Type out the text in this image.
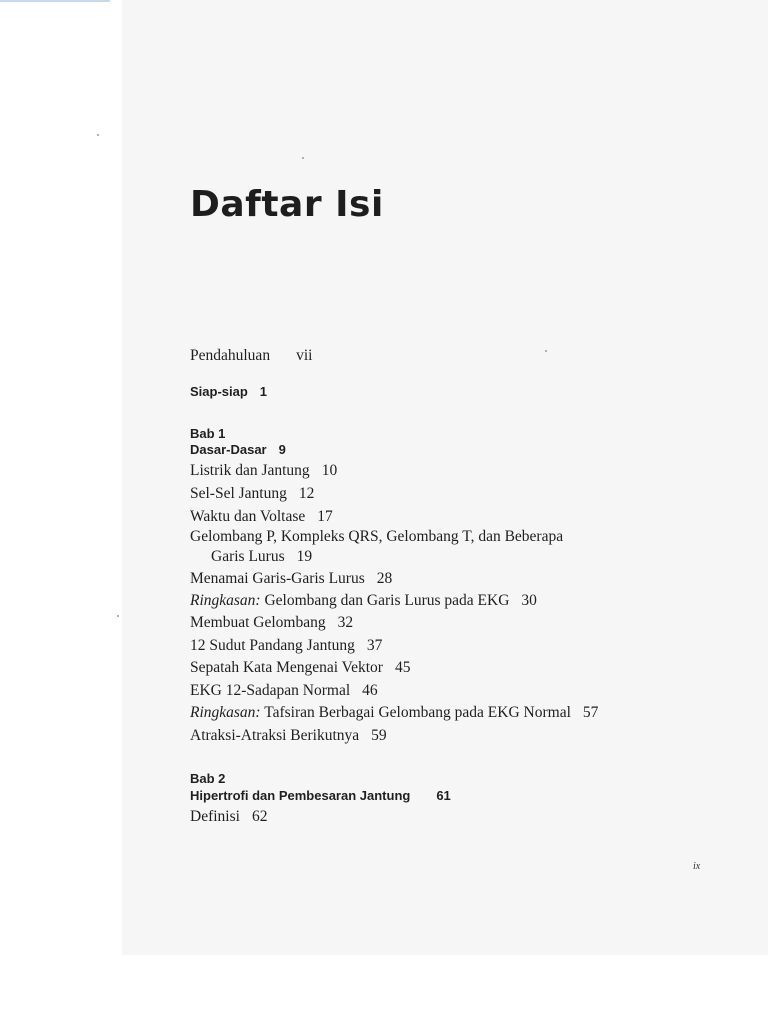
Daftar Isi
Pendahuluan vii
Siap-siap 1
Bab 1
Dasar-Dasar 9
Listrik dan Jantung 10
Sel-Sel Jantung 12
Waktu dan Voltase 17
Gelombang P, Kompleks QRS, Gelombang T, dan Beberapa
Garis Lurus 19
Menamai Garis-Garis Lurus 28
Ringkasan: Gelombang dan Garis Lurus pada EKG 30
Membuat Gelombang 32
12 Sudut Pandang Jantung 37
Sepatah Kata Mengenai Vektor 45
EKG 12-Sadapan Normal 46
Ringkasan: Tafsiran Berbagai Gelombang pada EKG Normal 57
Atraksi-Atraksi Berikutnya 59
Bab 2
Hipertrofi dan Pembesaran Jantung 61
Definisi 62
ix
